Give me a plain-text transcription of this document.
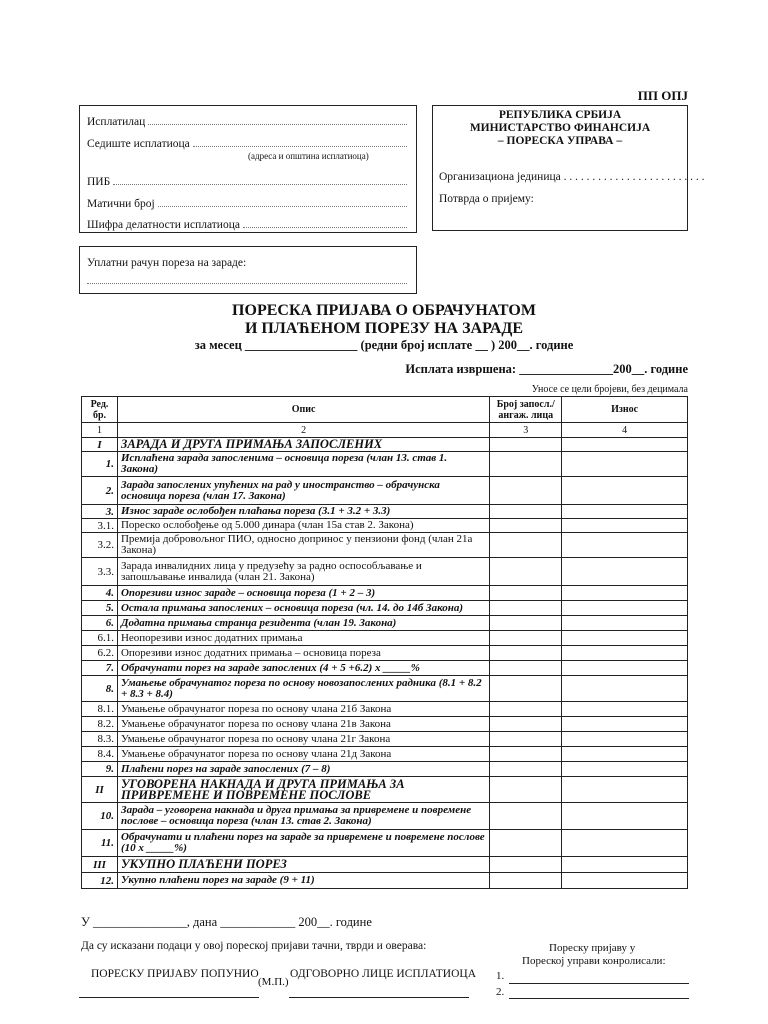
ПП ОПЈ
Исплатилац
Седиште исплатиоца
(адреса и општина исплатиоца)
ПИБ
Матични број
Шифра делатности исплатиоца
РЕПУБЛИКА СРБИЈА
МИНИСТАРСТВО ФИНАНСИЈА
– ПОРЕСКА УПРАВА –
Организациона јединица . . . . . . . . . . . . . . . . . . . . . . . . .
Потврда о пријему:
Уплатни рачун пореза на зараде:
ПОРЕСКА ПРИЈАВА О ОБРАЧУНАТОМ
И ПЛАЋЕНОМ ПОРЕЗУ НА ЗАРАДЕ
за месец __________________ (редни број исплате __ ) 200__. године
Исплата извршена: _______________200__. године
Уносе се цели бројеви, без децимала
Ред. бр.	Опис	Број запосл./ ангаж. лица	Износ
1	2	3	4
I	ЗАРАДА И ДРУГА ПРИМАЊА ЗАПОСЛЕНИХ		
1.	Исплаћена зарада запосленима – основица пореза (члан 13. став 1. Закона)		
2.	Зарада запослених упућених на рад у иностранство – обрачунска основица пореза (члан 17. Закона)		
3.	Износ зараде ослобођен плаћања пореза (3.1 + 3.2 + 3.3)		
3.1.	Пореско ослобођење од 5.000 динара (члан 15а став 2. Закона)		
3.2.	Премија добровољног ПИО, односно допринос у пензиони фонд (члан 21а Закона)		
3.3.	Зарада инвалидних лица у предузећу за радно оспособљавање и запошљавање инвалида (члан 21. Закона)		
4.	Опорезиви износ зараде – основица пореза (1 + 2 – 3)		
5.	Остала примања запослених – основица пореза (чл. 14. до 14б Закона)		
6.	Додатна примања странца резидента (члан 19. Закона)		
6.1.	Неопорезиви износ додатних примања		
6.2.	Опорезиви износ додатних примања – основица пореза		
7.	Обрачунати порез на зараде запослених (4 + 5 +6.2) х _____%		
8.	Умањење обрачунатог пореза по основу новозапослених радника (8.1 + 8.2 + 8.3 + 8.4)		
8.1.	Умањење обрачунатог пореза по основу члана 21б Закона		
8.2.	Умањење обрачунатог пореза по основу члана 21в Закона		
8.3.	Умањење обрачунатог пореза по основу члана 21г Закона		
8.4.	Умањење обрачунатог пореза по основу члана 21д Закона		
9.	Плаћени порез на зараде запослених (7 – 8)		
II	УГОВОРЕНА НАКНАДА И ДРУГА ПРИМАЊА ЗА ПРИВРЕМЕНЕ И ПОВРЕМЕНЕ ПОСЛОВЕ		
10.	Зарада – уговорена накнада и друга примања за привремене и повремене послове – основица пореза (члан 13. став 2. Закона)		
11.	Обрачунати и плаћени порез на зараде за привремене и повремене послове (10 х _____%)		
III	УКУПНО ПЛАЋЕНИ ПОРЕЗ		
12.	Укупно плаћени порез на зараде (9 + 11)		
У _______________, дана ____________ 200__. године
Да су исказани подаци у овој пореској пријави тачни, тврди и оверава:	Пореску пријаву у
Пореској управи конролисали:
ПОРЕСКУ ПРИЈАВУ ПОПУНИО
(М.П.)
ОДГОВОРНО ЛИЦЕ ИСПЛАТИОЦА 1.
2.
